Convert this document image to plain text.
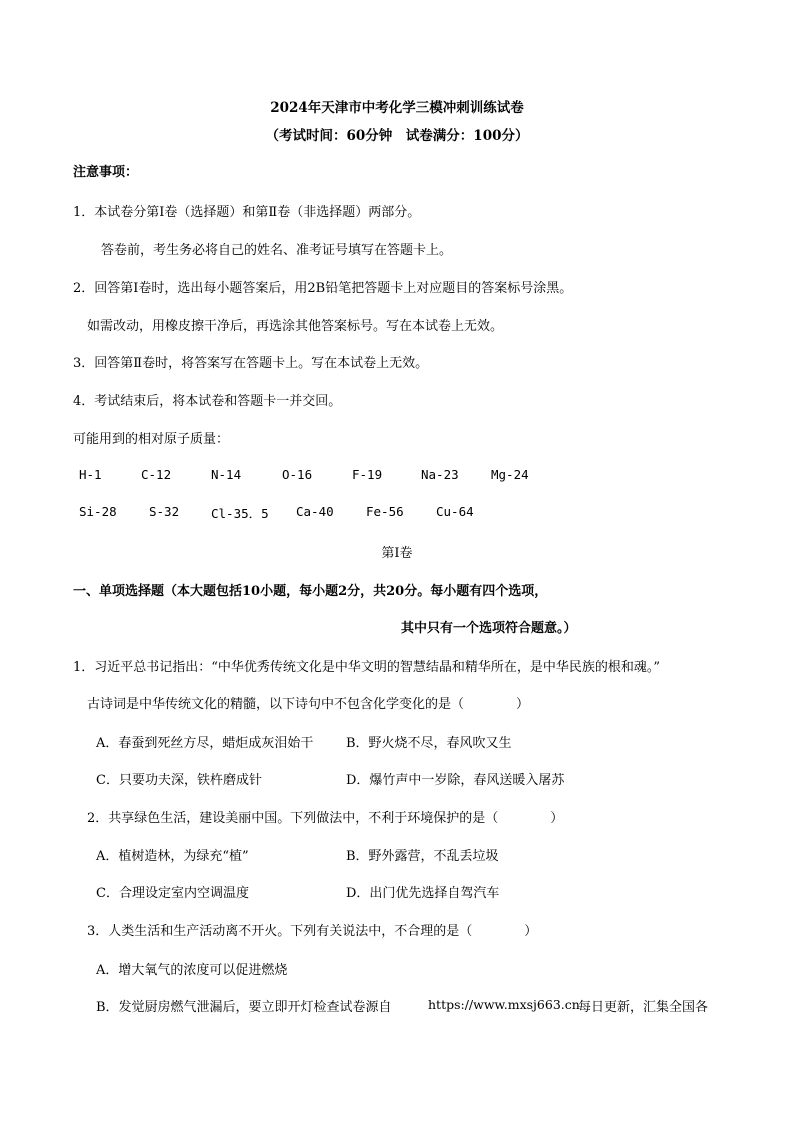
2024年天津市中考化学三模冲刺训练试卷
（考试时间：60分钟　试卷满分：100分）
注意事项：
1．本试卷分第Ⅰ卷（选择题）和第Ⅱ卷（非选择题）两部分。
答卷前，考生务必将自己的姓名、准考证号填写在答题卡上。
2．回答第Ⅰ卷时，选出每小题答案后，用2B铅笔把答题卡上对应题目的答案标号涂黑。
如需改动，用橡皮擦干净后，再选涂其他答案标号。写在本试卷上无效。
3．回答第Ⅱ卷时，将答案写在答题卡上。写在本试卷上无效。
4．考试结束后，将本试卷和答题卡一并交回。
可能用到的相对原子质量：
H-1	C-12	N-14	O-16	F-19	Na-23	Mg-24
Si-28	S-32	Cl-35．5 Ca-40	Fe-56	Cu-64
第Ⅰ卷
一、单项选择题（本大题包括10小题，每小题2分，共20分。每小题有四个选项，
其中只有一个选项符合题意。）
1．习近平总书记指出：“中华优秀传统文化是中华文明的智慧结晶和精华所在，是中华民族的根和魂。”
古诗词是中华传统文化的精髓，以下诗句中不包含化学变化的是（　　　　）
A．春蚕到死丝方尽，蜡炬成灰泪始干	B．野火烧不尽，春风吹又生
C．只要功夫深，铁杵磨成针	D．爆竹声中一岁除，春风送暖入屠苏
2．共享绿色生活，建设美丽中国。下列做法中，不利于环境保护的是（　　　　）
A．植树造林，为绿充“植”	B．野外露营，不乱丢垃圾
C．合理设定室内空调温度	D．出门优先选择自驾汽车
3．人类生活和生产活动离不开火。下列有关说法中，不合理的是（　　　　）
A．增大氧气的浓度可以促进燃烧
B．发觉厨房燃气泄漏后，要立即开灯检查试卷源自	https://www.mxsj663.cn
每日更新，汇集全国各
